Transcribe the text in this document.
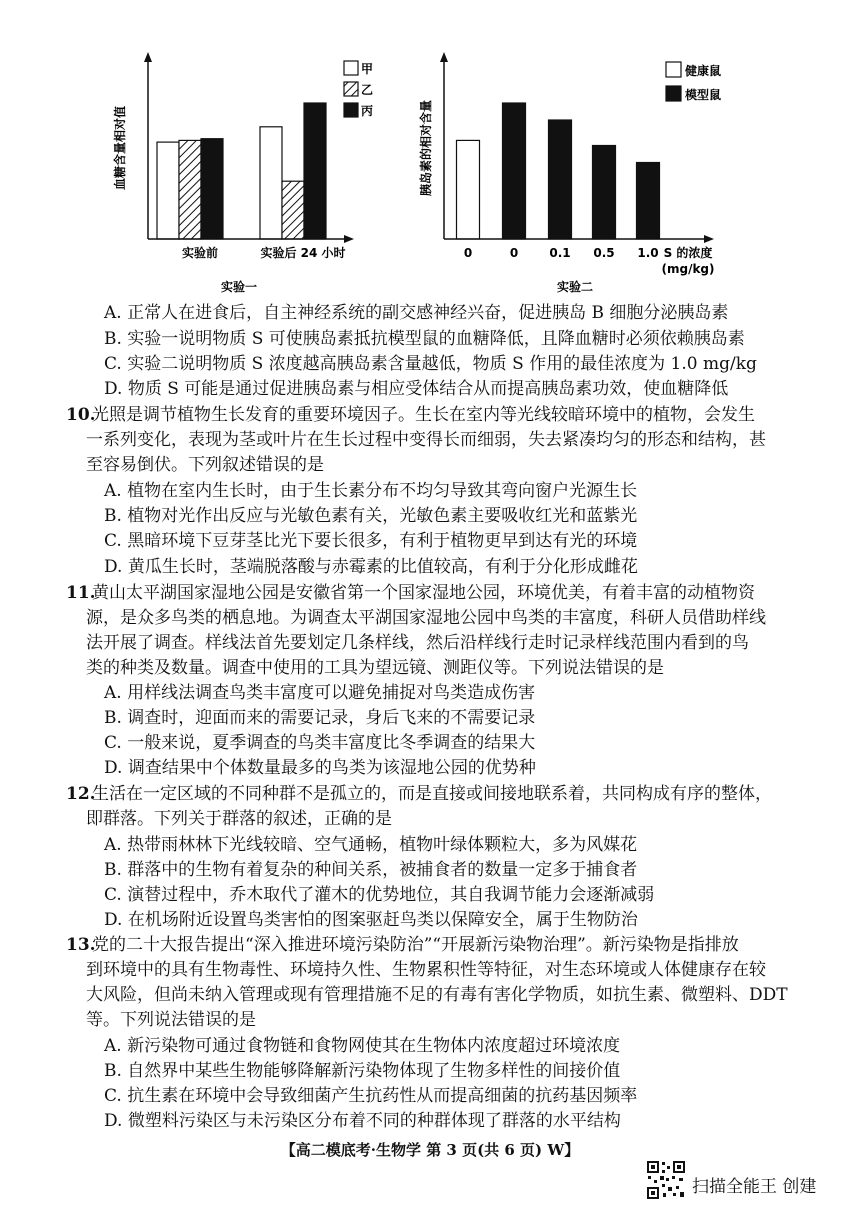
甲
乙
丙
血糖含量相对值
实验前	实验后 24 小时
实验一
健康鼠
模型鼠
胰岛素的相对含量
0	0	0.1 0.5 1.0 S 的浓度
(mg/kg)
实验二
A. 正常人在进食后，自主神经系统的副交感神经兴奋，促进胰岛 B 细胞分泌胰岛素
B. 实验一说明物质 S 可使胰岛素抵抗模型鼠的血糖降低，且降血糖时必须依赖胰岛素
C. 实验二说明物质 S 浓度越高胰岛素含量越低，物质 S 作用的最佳浓度为 1.0 mg/kg
D. 物质 S 可能是通过促进胰岛素与相应受体结合从而提高胰岛素功效，使血糖降低
10.
光照是调节植物生长发育的重要环境因子。生长在室内等光线较暗环境中的植物，会发生
一系列变化，表现为茎或叶片在生长过程中变得长而细弱，失去紧凑均匀的形态和结构，甚
至容易倒伏。下列叙述错误的是
A. 植物在室内生长时，由于生长素分布不均匀导致其弯向窗户光源生长
B. 植物对光作出反应与光敏色素有关，光敏色素主要吸收红光和蓝紫光
C. 黑暗环境下豆芽茎比光下要长很多，有利于植物更早到达有光的环境
D. 黄瓜生长时，茎端脱落酸与赤霉素的比值较高，有利于分化形成雌花
11.
黄山太平湖国家湿地公园是安徽省第一个国家湿地公园，环境优美，有着丰富的动植物资
源，是众多鸟类的栖息地。为调查太平湖国家湿地公园中鸟类的丰富度，科研人员借助样线
法开展了调查。样线法首先要划定几条样线，然后沿样线行走时记录样线范围内看到的鸟
类的种类及数量。调查中使用的工具为望远镜、测距仪等。下列说法错误的是
A. 用样线法调查鸟类丰富度可以避免捕捉对鸟类造成伤害
B. 调查时，迎面而来的需要记录，身后飞来的不需要记录
C. 一般来说，夏季调查的鸟类丰富度比冬季调查的结果大
D. 调查结果中个体数量最多的鸟类为该湿地公园的优势种
12.
生活在一定区域的不同种群不是孤立的，而是直接或间接地联系着，共同构成有序的整体，
即群落。下列关于群落的叙述，正确的是
A. 热带雨林林下光线较暗、空气通畅，植物叶绿体颗粒大，多为风媒花
B. 群落中的生物有着复杂的种间关系，被捕食者的数量一定多于捕食者
C. 演替过程中，乔木取代了灌木的优势地位，其自我调节能力会逐渐减弱
D. 在机场附近设置鸟类害怕的图案驱赶鸟类以保障安全，属于生物防治
13.
党的二十大报告提出“深入推进环境污染防治”“开展新污染物治理”。新污染物是指排放
到环境中的具有生物毒性、环境持久性、生物累积性等特征，对生态环境或人体健康存在较
大风险，但尚未纳入管理或现有管理措施不足的有毒有害化学物质，如抗生素、微塑料、DDT
等。下列说法错误的是
A. 新污染物可通过食物链和食物网使其在生物体内浓度超过环境浓度
B. 自然界中某些生物能够降解新污染物体现了生物多样性的间接价值
C. 抗生素在环境中会导致细菌产生抗药性从而提高细菌的抗药基因频率
D. 微塑料污染区与未污染区分布着不同的种群体现了群落的水平结构
【高二模底考·生物学 第 3 页(共 6 页) W】
扫描全能王 创建
